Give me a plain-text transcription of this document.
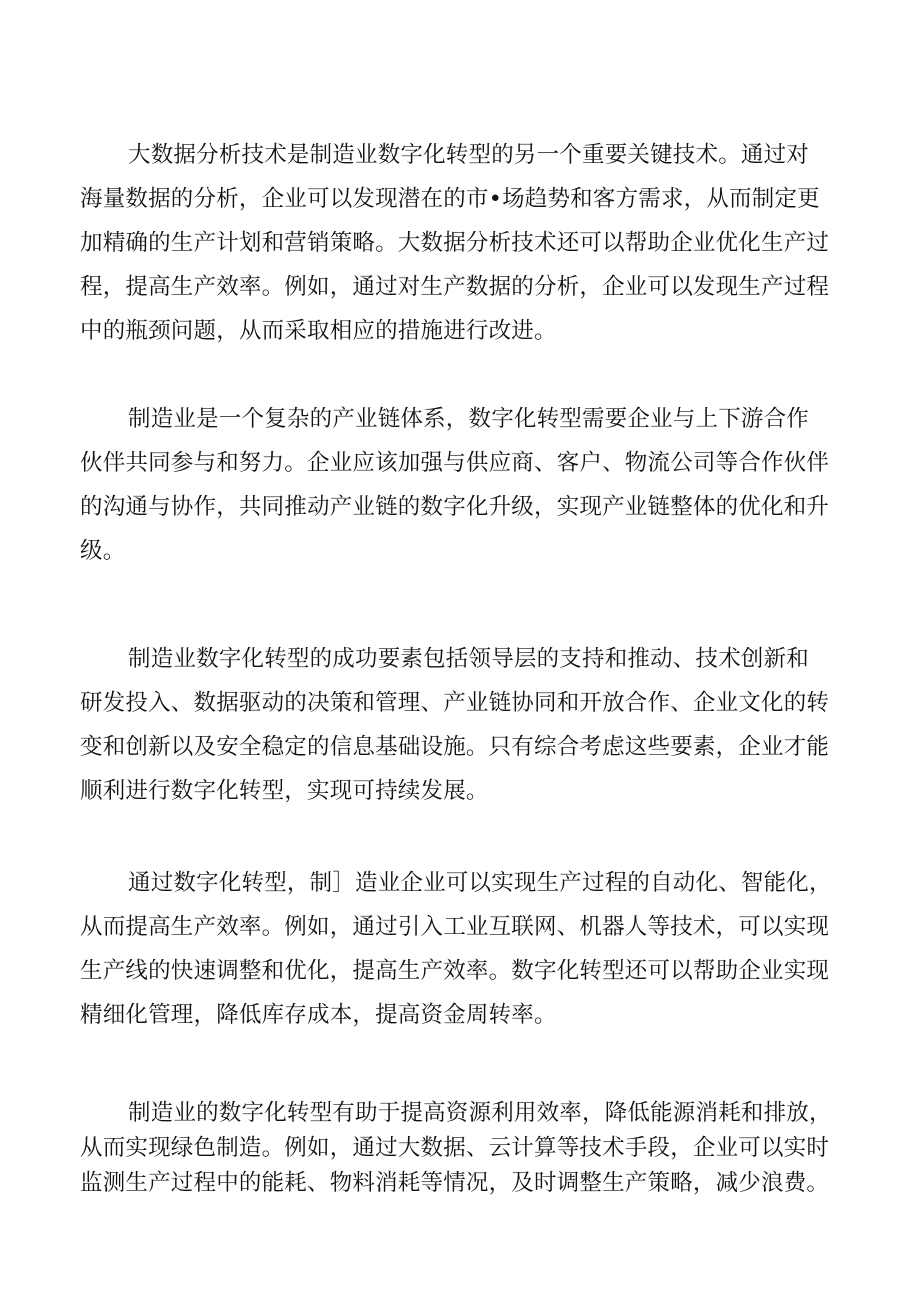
大数据分析技术是制造业数字化转型的另一个重要关键技术。通过对
海量数据的分析，企业可以发现潜在的市•场趋势和客方需求，从而制定更
加精确的生产计划和营销策略。大数据分析技术还可以帮助企业优化生产过
程，提高生产效率。例如，通过对生产数据的分析，企业可以发现生产过程
中的瓶颈问题，从而采取相应的措施进行改进。

制造业是一个复杂的产业链体系，数字化转型需要企业与上下游合作
伙伴共同参与和努力。企业应该加强与供应商、客户、物流公司等合作伙伴
的沟通与协作，共同推动产业链的数字化升级，实现产业链整体的优化和升
级。

制造业数字化转型的成功要素包括领导层的支持和推动、技术创新和
研发投入、数据驱动的决策和管理、产业链协同和开放合作、企业文化的转
变和创新以及安全稳定的信息基础设施。只有综合考虑这些要素，企业才能
顺利进行数字化转型，实现可持续发展。

通过数字化转型，制］造业企业可以实现生产过程的自动化、智能化，
从而提高生产效率。例如，通过引入工业互联网、机器人等技术，可以实现
生产线的快速调整和优化，提高生产效率。数字化转型还可以帮助企业实现
精细化管理，降低库存成本，提高资金周转率。

制造业的数字化转型有助于提高资源利用效率，降低能源消耗和排放，
从而实现绿色制造。例如，通过大数据、云计算等技术手段，企业可以实时
监测生产过程中的能耗、物料消耗等情况，及时调整生产策略，减少浪费。
